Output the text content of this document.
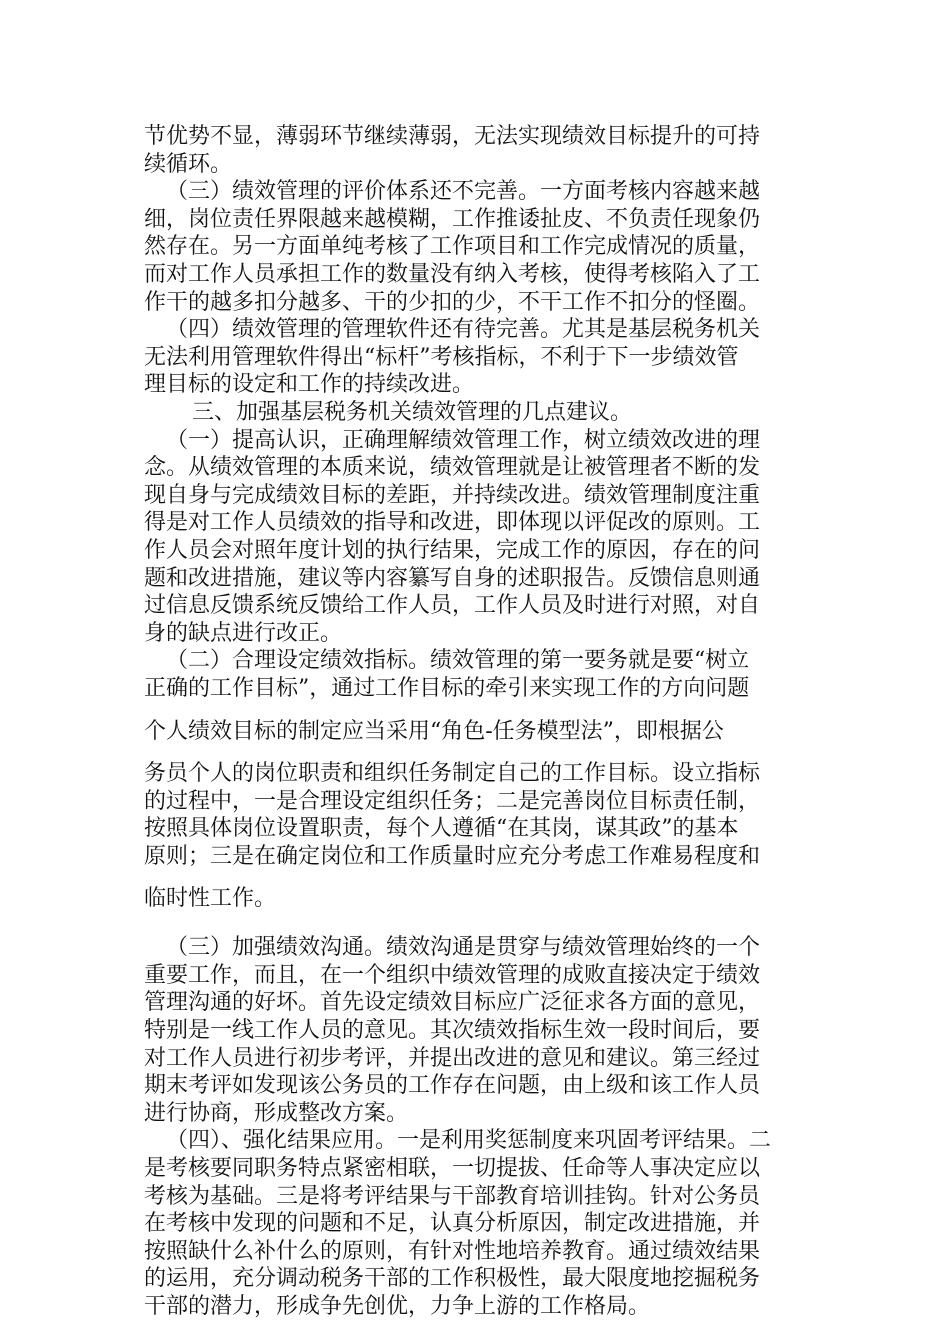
节优势不显，薄弱环节继续薄弱，无法实现绩效目标提升的可持
续循环。
（三）绩效管理的评价体系还不完善。一方面考核内容越来越
细，岗位责任界限越来越模糊，工作推诿扯皮、不负责任现象仍
然存在。另一方面单纯考核了工作项目和工作完成情况的质量，
而对工作人员承担工作的数量没有纳入考核，使得考核陷入了工
作干的越多扣分越多、干的少扣的少，不干工作不扣分的怪圈。
（四）绩效管理的管理软件还有待完善。尤其是基层税务机关
无法利用管理软件得出“标杆”考核指标，不利于下一步绩效管
理目标的设定和工作的持续改进。
三、加强基层税务机关绩效管理的几点建议。
（一）提高认识，正确理解绩效管理工作，树立绩效改进的理
念。从绩效管理的本质来说，绩效管理就是让被管理者不断的发
现自身与完成绩效目标的差距，并持续改进。绩效管理制度注重
得是对工作人员绩效的指导和改进，即体现以评促改的原则。工
作人员会对照年度计划的执行结果，完成工作的原因，存在的问
题和改进措施，建议等内容纂写自身的述职报告。反馈信息则通
过信息反馈系统反馈给工作人员，工作人员及时进行对照，对自
身的缺点进行改正。
（二）合理设定绩效指标。绩效管理的第一要务就是要“树立
正确的工作目标”，通过工作目标的牵引来实现工作的方向问题
个人绩效目标的制定应当采用“角色-任务模型法”，即根据公
务员个人的岗位职责和组织任务制定自己的工作目标。设立指标
的过程中，一是合理设定组织任务；二是完善岗位目标责任制，
按照具体岗位设置职责，每个人遵循“在其岗，谋其政”的基本
原则；三是在确定岗位和工作质量时应充分考虑工作难易程度和
临时性工作。
（三）加强绩效沟通。绩效沟通是贯穿与绩效管理始终的一个
重要工作，而且，在一个组织中绩效管理的成败直接决定于绩效
管理沟通的好坏。首先设定绩效目标应广泛征求各方面的意见，
特别是一线工作人员的意见。其次绩效指标生效一段时间后，要
对工作人员进行初步考评，并提出改进的意见和建议。第三经过
期末考评如发现该公务员的工作存在问题，由上级和该工作人员
进行协商，形成整改方案。
（四）、强化结果应用。一是利用奖惩制度来巩固考评结果。二
是考核要同职务特点紧密相联，一切提拔、任命等人事决定应以
考核为基础。三是将考评结果与干部教育培训挂钩。针对公务员
在考核中发现的问题和不足，认真分析原因，制定改进措施，并
按照缺什么补什么的原则，有针对性地培养教育。通过绩效结果
的运用，充分调动税务干部的工作积极性，最大限度地挖掘税务
干部的潜力，形成争先创优，力争上游的工作格局。
